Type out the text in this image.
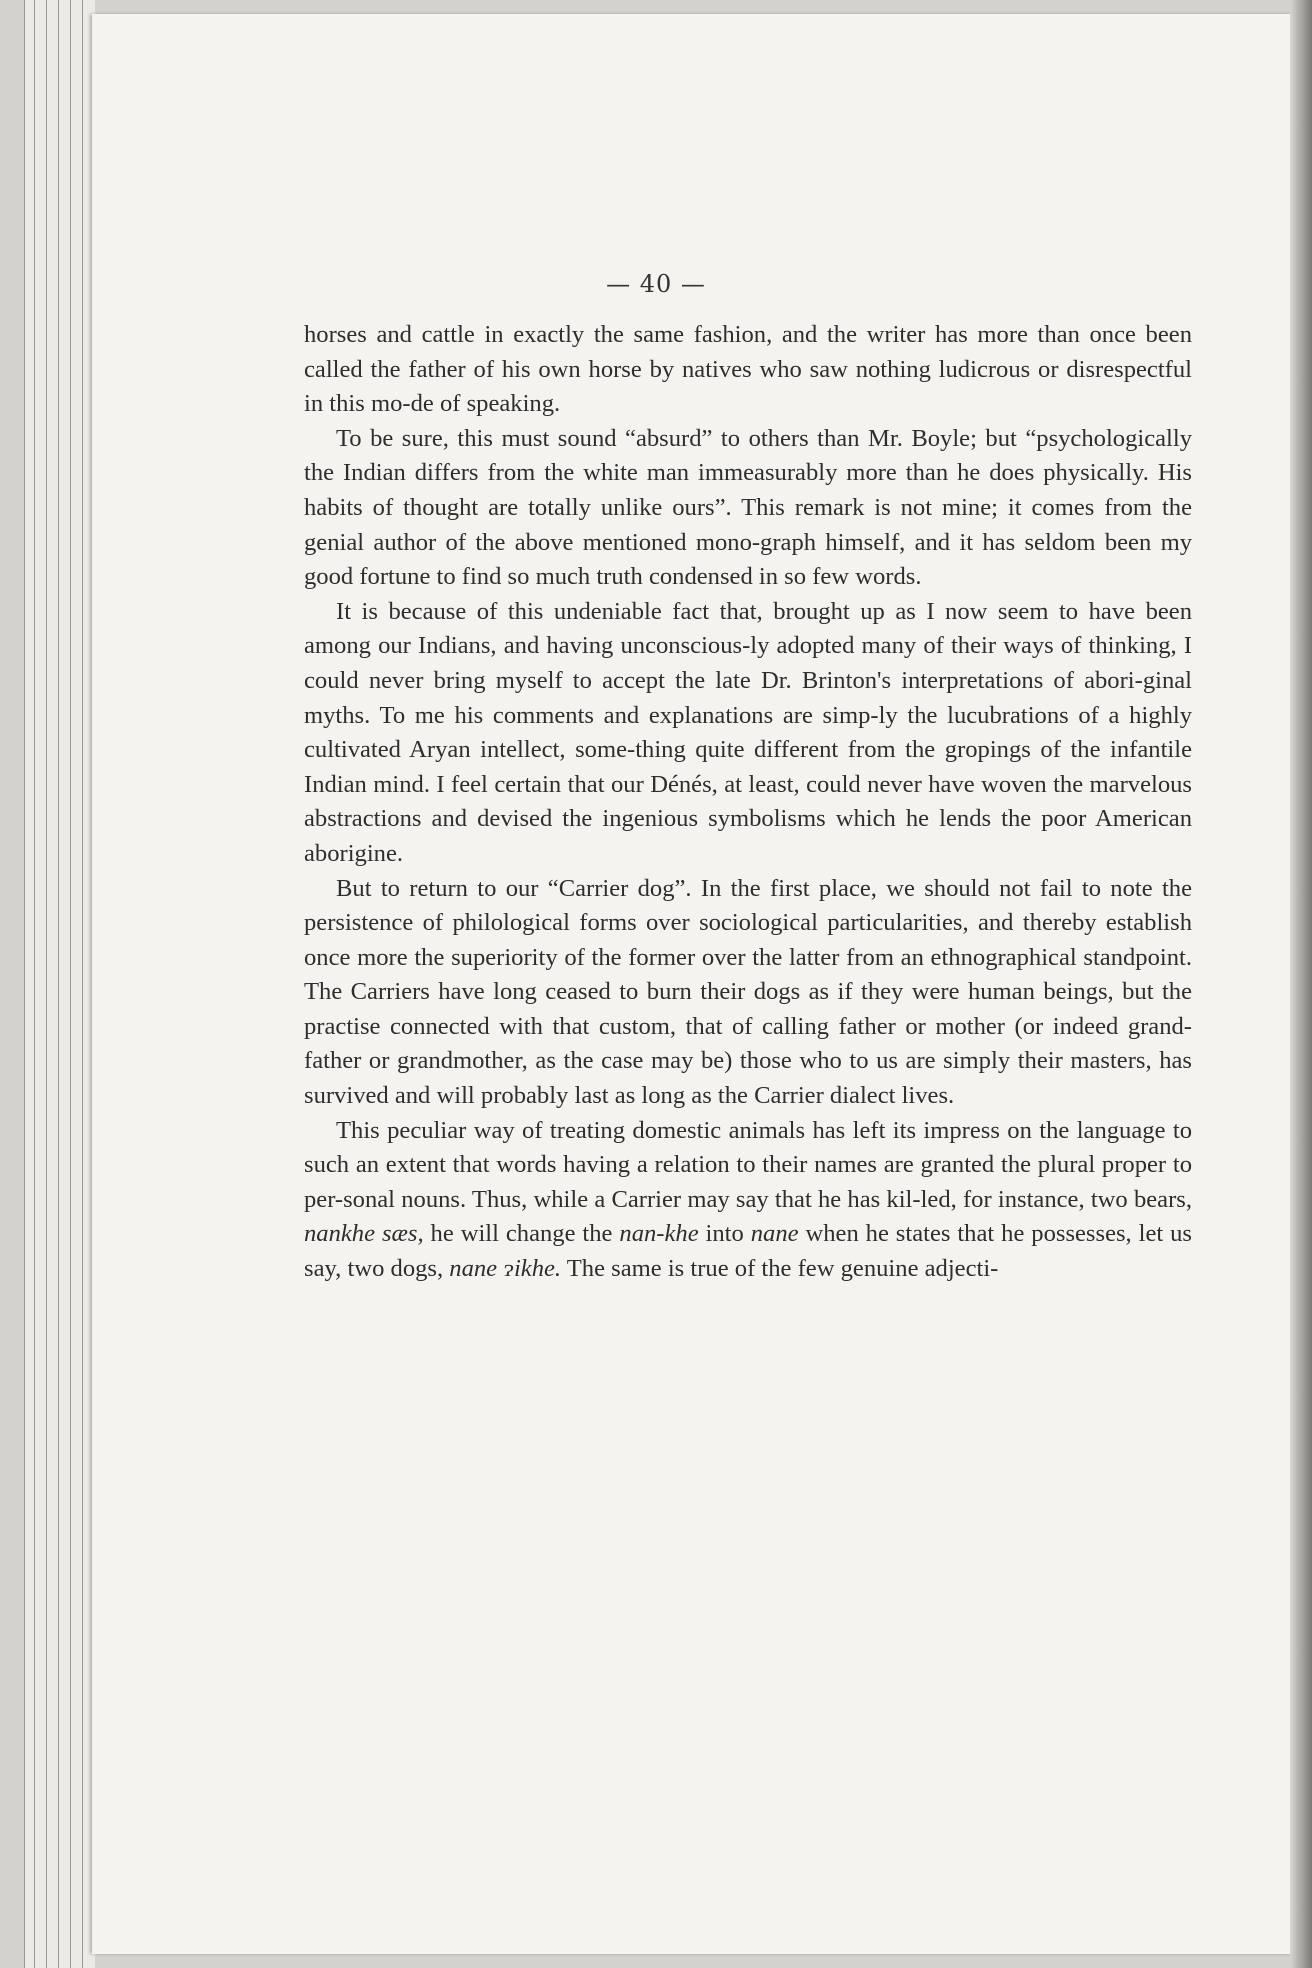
— 40 —

horses and cattle in exactly the same fashion, and the writer has more than once been called the father of his own horse by natives who saw nothing ludicrous or disrespectful in this mo-de of speaking.

To be sure, this must sound “absurd” to others than Mr. Boyle; but “psychologically the Indian differs from the white man immeasurably more than he does physically. His habits of thought are totally unlike ours”. This remark is not mine; it comes from the genial author of the above mentioned mono-graph himself, and it has seldom been my good fortune to find so much truth condensed in so few words.

It is because of this undeniable fact that, brought up as I now seem to have been among our Indians, and having unconscious-ly adopted many of their ways of thinking, I could never bring myself to accept the late Dr. Brinton's interpretations of abori-ginal myths. To me his comments and explanations are simp-ly the lucubrations of a highly cultivated Aryan intellect, some-thing quite different from the gropings of the infantile Indian mind. I feel certain that our Dénés, at least, could never have woven the marvelous abstractions and devised the ingenious symbolisms which he lends the poor American aborigine.

But to return to our “Carrier dog”. In the first place, we should not fail to note the persistence of philological forms over sociological particularities, and thereby establish once more the superiority of the former over the latter from an ethnographical standpoint. The Carriers have long ceased to burn their dogs as if they were human beings, but the practise connected with that custom, that of calling father or mother (or indeed grand-father or grandmother, as the case may be) those who to us are simply their masters, has survived and will probably last as long as the Carrier dialect lives.

This peculiar way of treating domestic animals has left its impress on the language to such an extent that words having a relation to their names are granted the plural proper to per-sonal nouns. Thus, while a Carrier may say that he has kil-led, for instance, two bears, nankhe sæs, he will change the nan-khe into nane when he states that he possesses, let us say, two dogs, nane ɂikhe. The same is true of the few genuine adjecti-
